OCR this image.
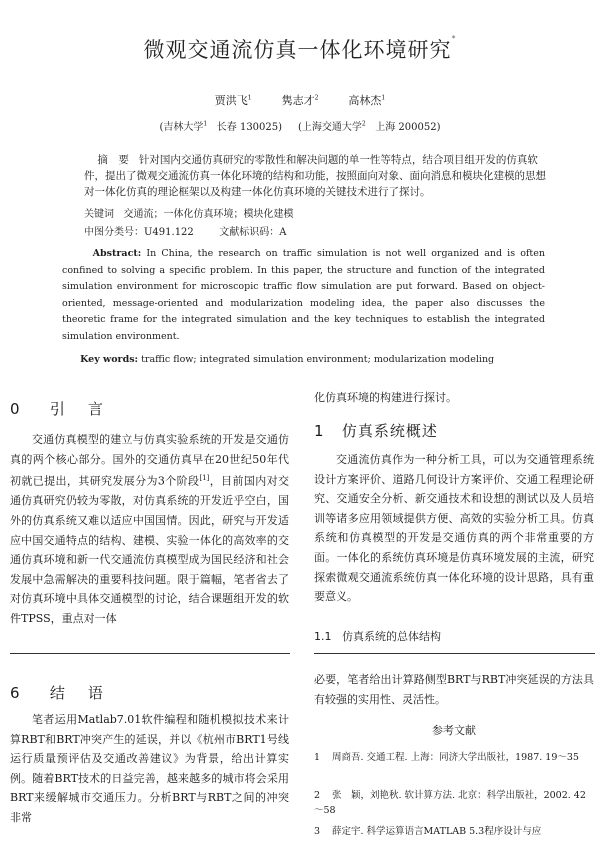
微观交通流仿真一体化环境研究*
贾洪飞$^1$	隽志才$^2$	高林杰$^1$
(吉林大学$^1$ 长春 130025) (上海交通大学$^2$ 上海 200052)
摘　要 针对国内交通仿真研究的零散性和解决问题的单一性等特点，结合项目组开发的仿真软件，提出了微观交通流仿真一体化环境的结构和功能，按照面向对象、面向消息和模块化建模的思想对一体化仿真的理论框架以及构建一体化仿真环境的关键技术进行了探讨。
关键词 交通流；一体化仿真环境；模块化建模
中图分类号：U491.122	文献标识码：A
Abstract: In China, the research on traffic simulation is not well organized and is often confined to solving a specific problem. In this paper, the structure and function of the integrated simulation environment for microscopic traffic flow simulation are put forward. Based on object-oriented, message-oriented and modularization modeling idea, the paper also discusses the theoretic frame for the integrated simulation and the key techniques to establish the integrated simulation environment.
Key words: traffic flow; integrated simulation environment; modularization modeling
0 引　言
交通仿真模型的建立与仿真实验系统的开发是交通仿真的两个核心部分。国外的交通仿真早在20世纪50年代初就已提出，其研究发展分为3个阶段[1]，目前国内对交通仿真研究仍较为零散，对仿真系统的开发近乎空白，国外的仿真系统又难以适应中国国情。因此，研究与开发适应中国交通特点的结构、建模、实验一体化的高效率的交通仿真环境和新一代交通流仿真模型成为国民经济和社会发展中急需解决的重要科技问题。限于篇幅，笔者省去了对仿真环境中具体交通模型的讨论，结合课题组开发的软件TPSS，重点对一体
化仿真环境的构建进行探讨。
1 仿真系统概述
交通流仿真作为一种分析工具，可以为交通管理系统设计方案评价、道路几何设计方案评价、交通工程理论研究、交通安全分析、新交通技术和设想的测试以及人员培训等诸多应用领域提供方便、高效的实验分析工具。仿真系统和仿真模型的开发是交通仿真的两个非常重要的方面。一体化的系统仿真环境是仿真环境发展的主流，研究探索微观交通流系统仿真一体化环境的设计思路，具有重要意义。
1.1 仿真系统的总体结构
6 结　语
笔者运用Matlab7.01软件编程和随机模拟技术来计算RBT和BRT冲突产生的延误，并以《杭州市BRT1号线运行质量预评估及交通改善建议》为背景，给出计算实例。随着BRT技术的日益完善，越来越多的城市将会采用BRT来缓解城市交通压力。分析BRT与RBT之间的冲突非常
必要，笔者给出计算路侧型BRT与RBT冲突延误的方法具有较强的实用性、灵活性。
参考文献
1 周商吾. 交通工程. 上海：同济大学出版社，1987. 19～35
2 张　颖，刘艳秋. 软计算方法. 北京：科学出版社，2002. 42～58
3 薛定宇. 科学运算语言MATLAB 5.3程序设计与应
